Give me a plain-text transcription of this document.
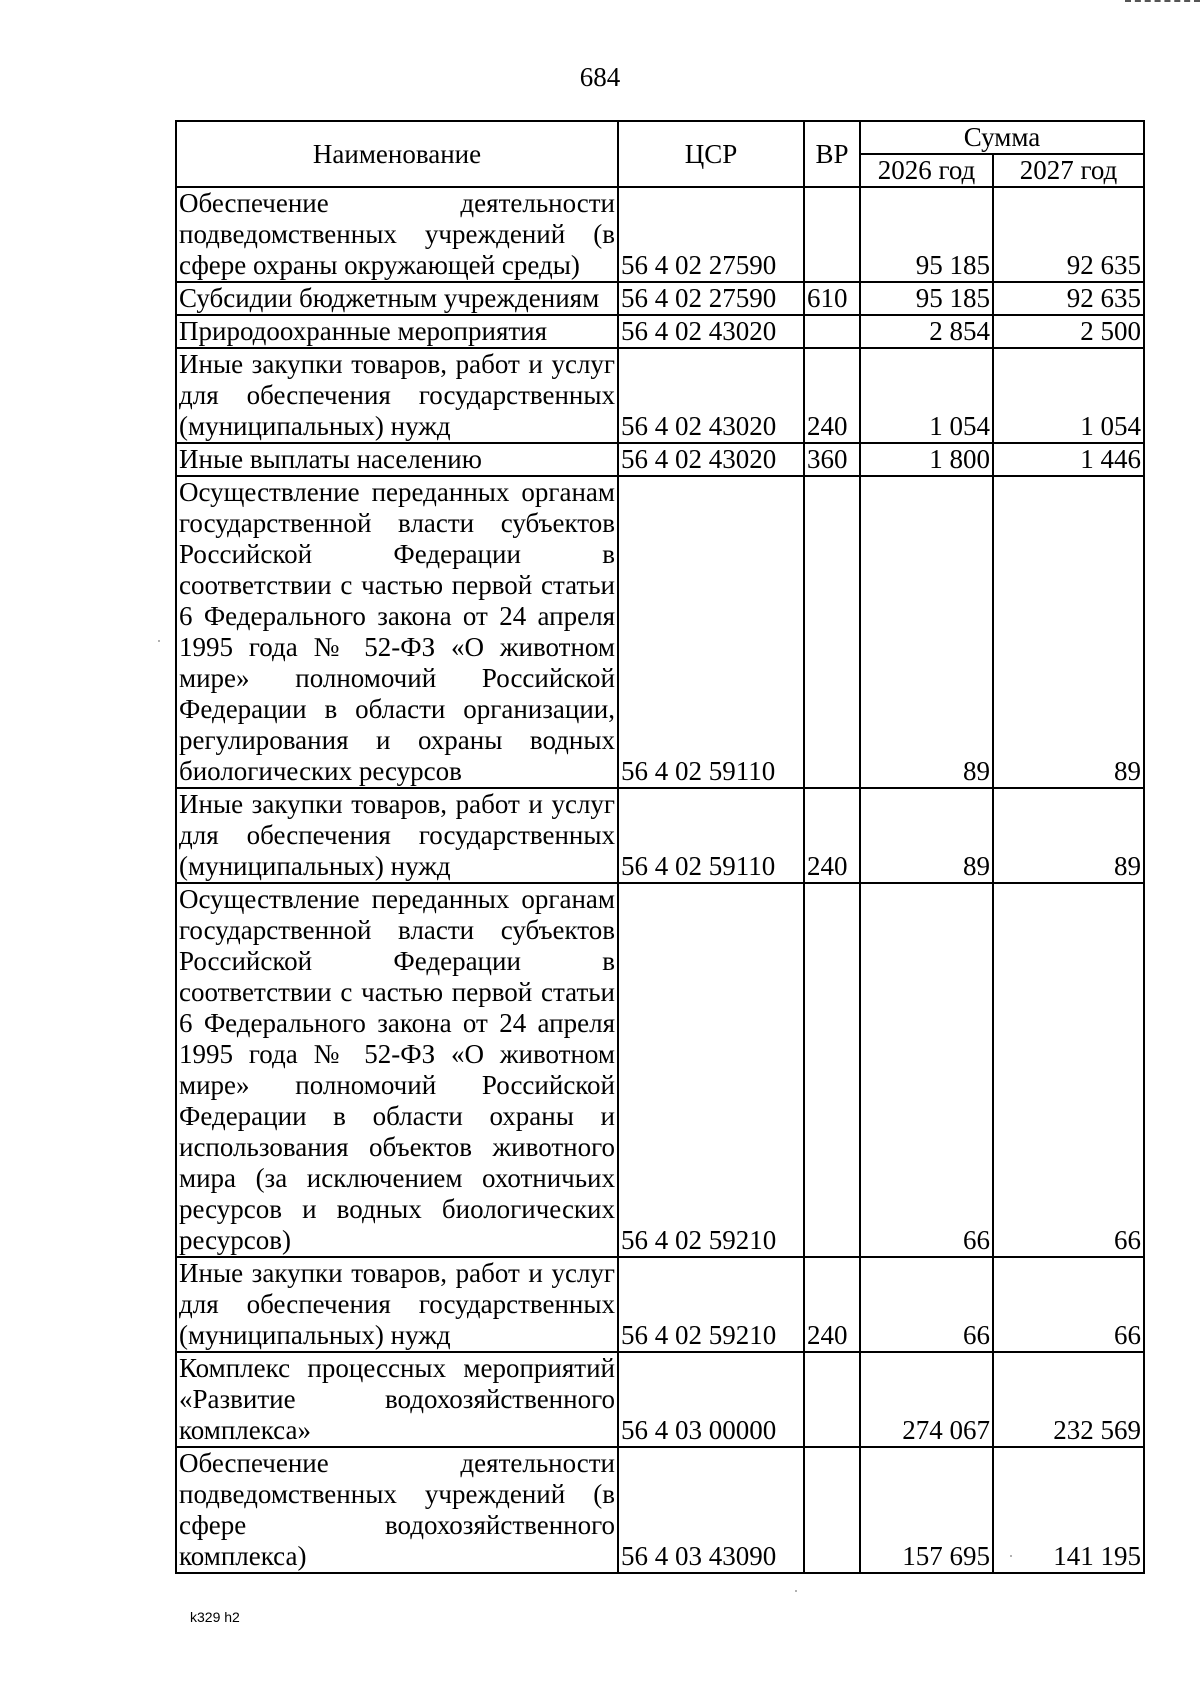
684
Наименование	ЦСР	ВР	Сумма	
			2026 год	2027 год
Обеспечение деятельности подведомственных учреждений (в сфере охраны окружающей среды)	56 4 02 27590		95 185	92 635
Субсидии бюджетным учреждениям	56 4 02 27590	610	95 185	92 635
Природоохранные мероприятия	56 4 02 43020		2 854	2 500
Иные закупки товаров, работ и услуг для обеспечения государственных (муниципальных) нужд	56 4 02 43020	240	1 054	1 054
Иные выплаты населению	56 4 02 43020	360	1 800	1 446
Осуществление переданных органам государственной власти субъектов Российской Федерации в соответствии с частью первой статьи 6 Федерального закона от 24 апреля 1995 года № 52-ФЗ «О животном мире» полномочий Российской Федерации в области организации, регулирования и охраны водных биологических ресурсов	56 4 02 59110		89	89
Иные закупки товаров, работ и услуг для обеспечения государственных (муниципальных) нужд	56 4 02 59110	240	89	89
Осуществление переданных органам государственной власти субъектов Российской Федерации в соответствии с частью первой статьи 6 Федерального закона от 24 апреля 1995 года № 52-ФЗ «О животном мире» полномочий Российской Федерации в области охраны и использования объектов животного мира (за исключением охотничьих ресурсов и водных биологических ресурсов)	56 4 02 59210		66	66
Иные закупки товаров, работ и услуг для обеспечения государственных (муниципальных) нужд	56 4 02 59210	240	66	66
Комплекс процессных мероприятий «Развитие водохозяйственного комплекса»	56 4 03 00000		274 067	232 569
Обеспечение деятельности подведомственных учреждений (в сфере водохозяйственного комплекса)	56 4 03 43090		157 695	141 195
k329 h2
